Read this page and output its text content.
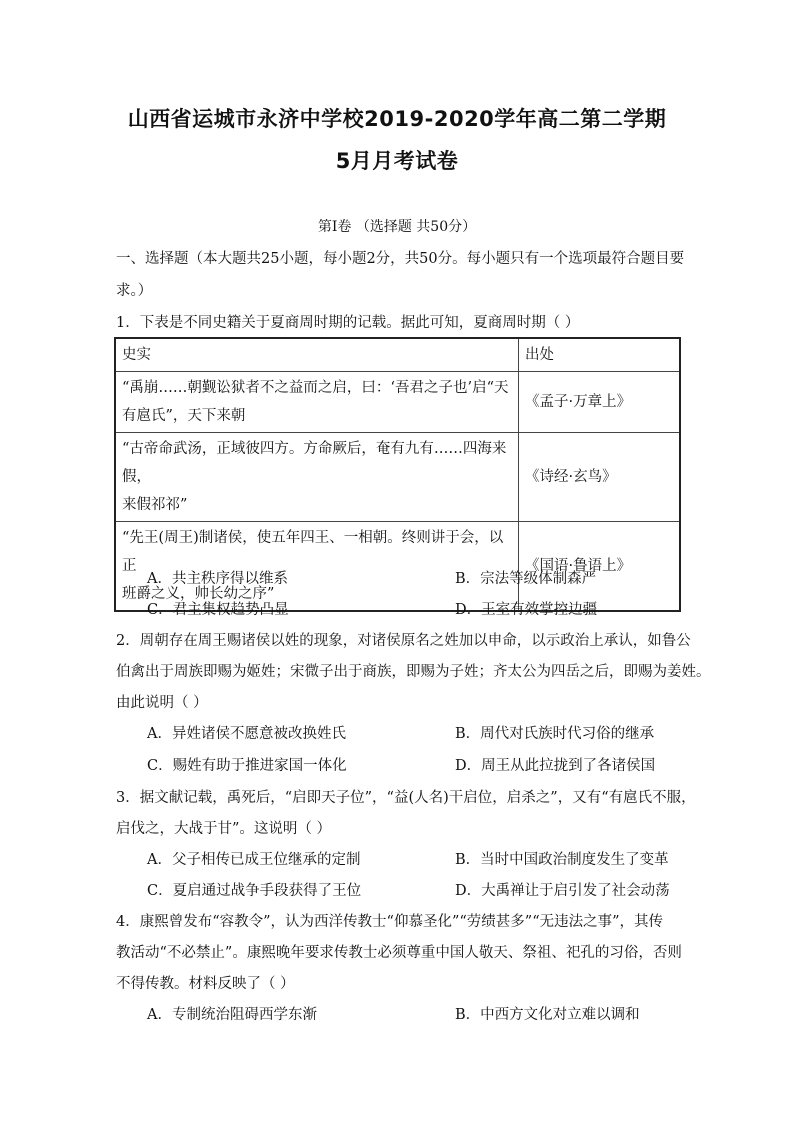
山西省运城市永济中学校2019-2020学年高二第二学期
5月月考试卷
第Ⅰ卷 （选择题 共50分）
一、选择题（本大题共25小题，每小题2分，共50分。每小题只有一个选项最符合题目要
求。）
1．下表是不同史籍关于夏商周时期的记载。据此可知，夏商周时期（ ）
史实	出处

“禹崩……朝觐讼狱者不之益而之启，曰：‘吾君之子也’启“天
有扈氏”，天下来朝	《孟子·万章上》

“古帝命武汤，正域彼四方。方命厥后，奄有九有……四海来假，
来假祁祁”	《诗经·玄鸟》

“先王(周王)制诸侯，使五年四王、一相朝。终则讲于会，以正
班爵之义，帅长幼之序”	《国语·鲁语上》
A．共主秩序得以维系	B．宗法等级体制森严
C．君主集权趋势凸显	D．王室有效掌控边疆
2．周朝存在周王赐诸侯以姓的现象，对诸侯原名之姓加以申命，以示政治上承认，如鲁公
伯禽出于周族即赐为姬姓；宋微子出于商族，即赐为子姓；齐太公为四岳之后，即赐为姜姓。
由此说明（ ）
A．异姓诸侯不愿意被改换姓氏	B．周代对氏族时代习俗的继承
C．赐姓有助于推进家国一体化	D．周王从此拉拢到了各诸侯国
3．据文献记载，禹死后，“启即天子位”，“益(人名)干启位，启杀之”，又有“有扈氏不服，
启伐之，大战于甘”。这说明（ ）
A．父子相传已成王位继承的定制	B．当时中国政治制度发生了变革
C．夏启通过战争手段获得了王位	D．大禹禅让于启引发了社会动荡
4．康熙曾发布“容教令”，认为西洋传教士“仰慕圣化”“劳绩甚多”“无违法之事”，其传
教活动“不必禁止”。康熙晚年要求传教士必须尊重中国人敬天、祭祖、祀孔的习俗，否则
不得传教。材料反映了（ ）
A．专制统治阻碍西学东渐	B．中西方文化对立难以调和
